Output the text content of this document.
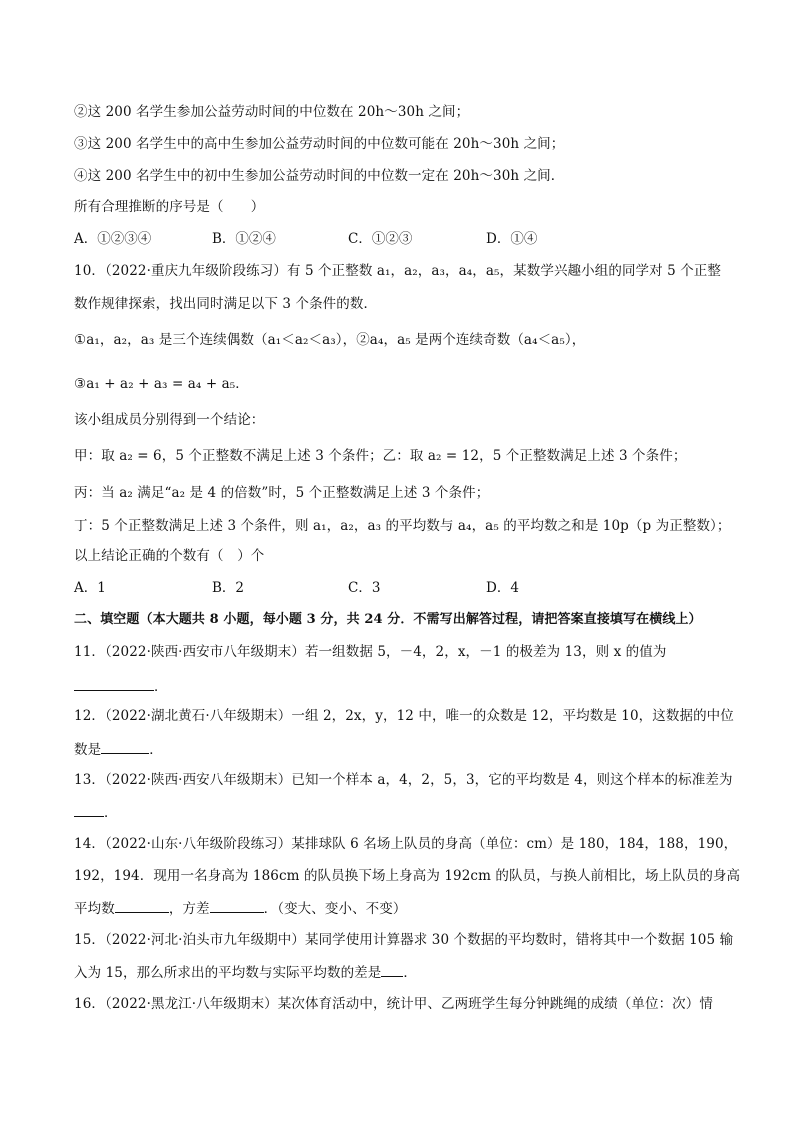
②这 200 名学生参加公益劳动时间的中位数在 20h～30h 之间；
③这 200 名学生中的高中生参加公益劳动时间的中位数可能在 20h～30h 之间；
④这 200 名学生中的初中生参加公益劳动时间的中位数一定在 20h～30h 之间．
所有合理推断的序号是（　　）
A．①②③④	B．①②④	C．①②③	D．①④
10．（2022·重庆九年级阶段练习）有 5 个正整数 a₁，a₂，a₃，a₄，a₅，某数学兴趣小组的同学对 5 个正整
数作规律探索，找出同时满足以下 3 个条件的数．
①a₁，a₂，a₃ 是三个连续偶数（a₁＜a₂＜a₃），②a₄，a₅ 是两个连续奇数（a₄＜a₅），
③a₁ + a₂ + a₃ = a₄ + a₅．
该小组成员分别得到一个结论：
甲：取 a₂ = 6，5 个正整数不满足上述 3 个条件；乙：取 a₂ = 12，5 个正整数满足上述 3 个条件；
丙：当 a₂ 满足“a₂ 是 4 的倍数”时，5 个正整数满足上述 3 个条件；
丁：5 个正整数满足上述 3 个条件，则 a₁，a₂，a₃ 的平均数与 a₄，a₅ 的平均数之和是 10p（p 为正整数）；
以上结论正确的个数有（　）个
A．1	B．2	C．3	D．4
二、填空题（本大题共 8 小题，每小题 3 分，共 24 分．不需写出解答过程，请把答案直接填写在横线上）
11．（2022·陕西·西安市八年级期末）若一组数据 5，－4，2，x，－1 的极差为 13，则 x 的值为
．
12．（2022·湖北黄石·八年级期末）一组 2，2x，y，12 中，唯一的众数是 12，平均数是 10，这数据的中位
数是	．
13．（2022·陕西·西安八年级期末）已知一个样本 a，4，2，5，3，它的平均数是 4，则这个样本的标准差为
．
14．（2022·山东·八年级阶段练习）某排球队 6 名场上队员的身高（单位：cm）是 180，184，188，190，
192，194．现用一名身高为 186cm 的队员换下场上身高为 192cm 的队员，与换人前相比，场上队员的身高
平均数	，方差	．（变大、变小、不变）
15．（2022·河北·泊头市九年级期中）某同学使用计算器求 30 个数据的平均数时，错将其中一个数据 105 输
入为 15，那么所求出的平均数与实际平均数的差是 ．
16．（2022·黑龙江·八年级期末）某次体育活动中，统计甲、乙两班学生每分钟跳绳的成绩（单位：次）情
